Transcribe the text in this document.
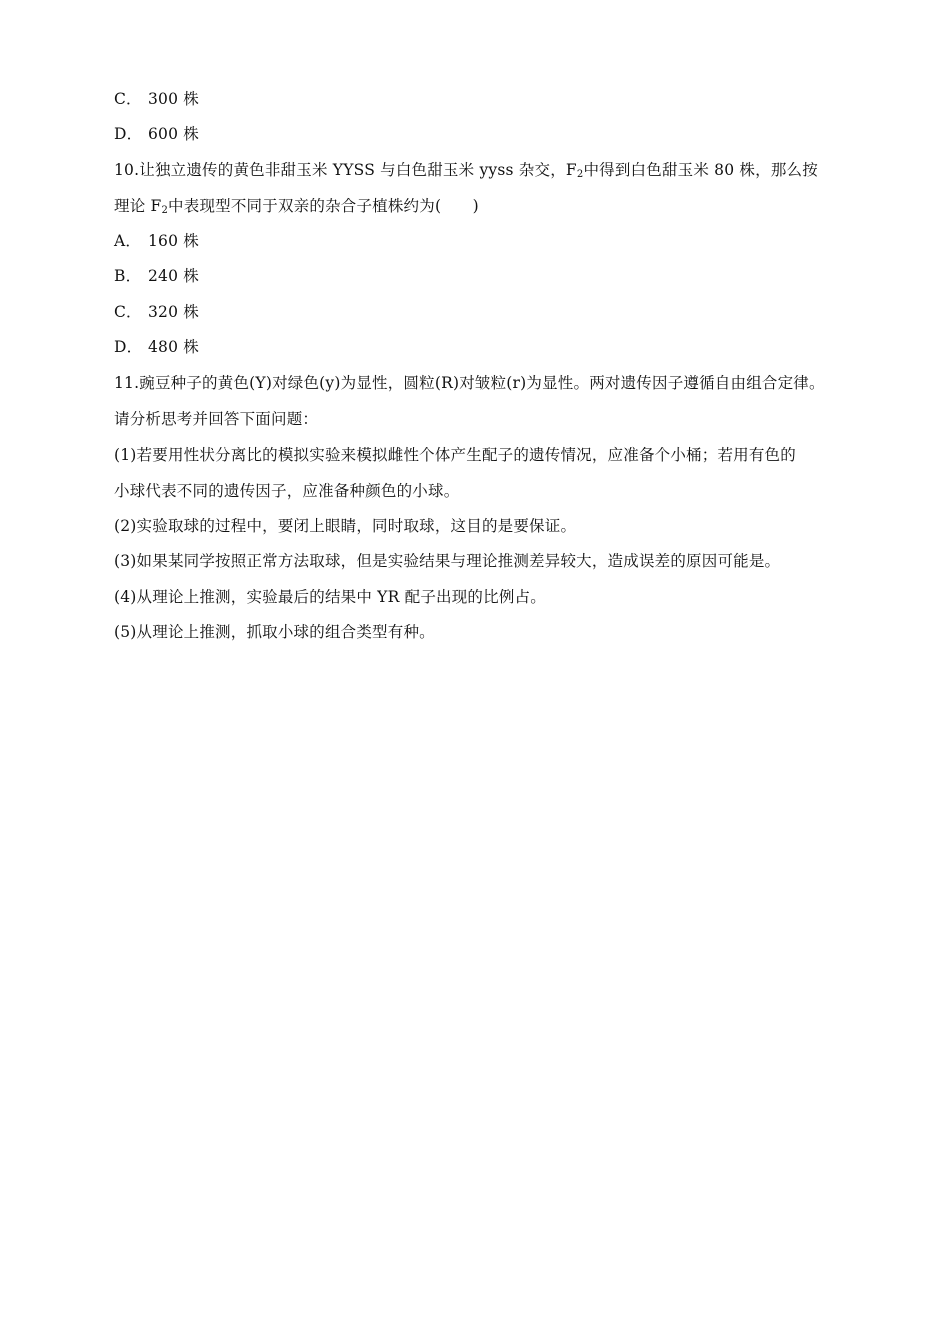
C． 300 株
D． 600 株
10.让独立遗传的黄色非甜玉米 YYSS 与白色甜玉米 yyss 杂交，$F_2$中得到白色甜玉米 80 株，那么按
理论 $F_2$中表现型不同于双亲的杂合子植株约为(　　)
A． 160 株
B． 240 株
C． 320 株
D． 480 株
11.豌豆种子的黄色(Y)对绿色(y)为显性，圆粒(R)对皱粒(r)为显性。两对遗传因子遵循自由组合定律。
请分析思考并回答下面问题：
(1)若要用性状分离比的模拟实验来模拟雌性个体产生配子的遗传情况，应准备个小桶；若用有色的
小球代表不同的遗传因子，应准备种颜色的小球。
(2)实验取球的过程中，要闭上眼睛，同时取球，这目的是要保证。
(3)如果某同学按照正常方法取球，但是实验结果与理论推测差异较大，造成误差的原因可能是。
(4)从理论上推测，实验最后的结果中 YR 配子出现的比例占。
(5)从理论上推测，抓取小球的组合类型有种。
